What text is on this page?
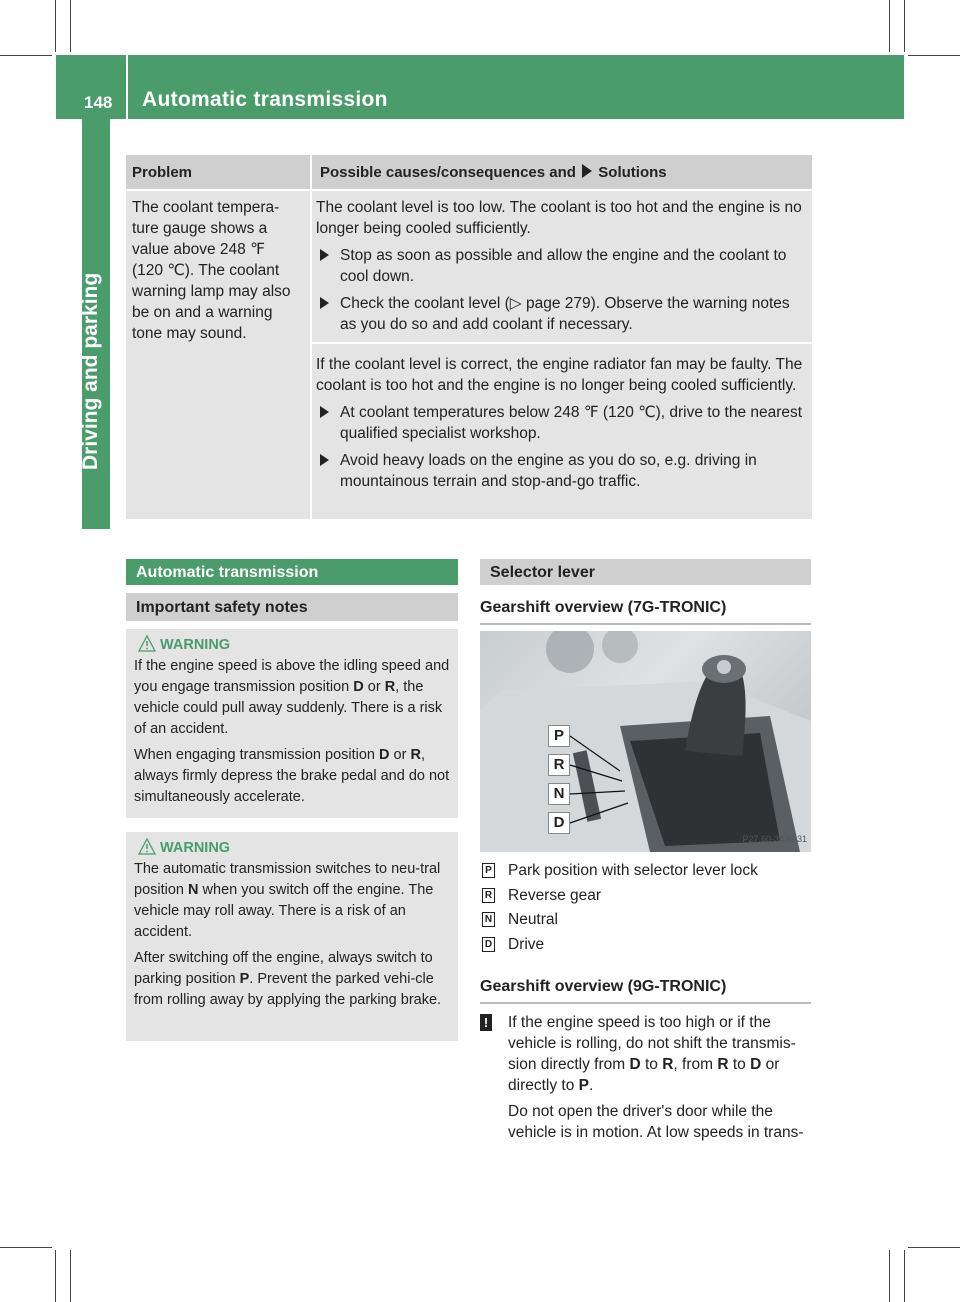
148 Automatic transmission
Driving and parking
Problem	Possible causes/consequences and Solutions
The coolant tempera-
ture gauge shows a
value above 248 ℉
(120 ℃). The coolant
warning lamp may also
be on and a warning
tone may sound.

The coolant level is too low. The coolant is too hot and the engine is no longer being cooled sufficiently.

Stop as soon as possible and allow the engine and the coolant to cool down.
Check the coolant level (▷ page 279). Observe the warning notes as you do so and add coolant if necessary.

If the coolant level is correct, the engine radiator fan may be faulty. The coolant is too hot and the engine is no longer being cooled sufficiently.

At coolant temperatures below 248 ℉ (120 ℃), drive to the nearest qualified specialist workshop.
Avoid heavy loads on the engine as you do so, e.g. driving in mountainous terrain and stop-and-go traffic.
Automatic transmission
Important safety notes
WARNING

If the engine speed is above the idling speed and you engage transmission position D or R, the vehicle could pull away suddenly. There is a risk of an accident.

When engaging transmission position D or R, always firmly depress the brake pedal and do not simultaneously accelerate.

WARNING

The automatic transmission switches to neu-tral position N when you switch off the engine. The vehicle may roll away. There is a risk of an accident.

After switching off the engine, always switch to parking position P. Prevent the parked vehi-cle from rolling away by applying the parking brake.

Selector lever
Gearshift overview (7G-TRONIC)
P
R
N
D
P27.60-3436-31
P Park position with selector lever lock
R Reverse gear
N Neutral
D Drive
Gearshift overview (9G-TRONIC)
! If the engine speed is too high or if the vehicle is rolling, do not shift the transmis-sion directly from D to R, from R to D or directly to P.

Do not open the driver's door while the vehicle is in motion. At low speeds in trans-
